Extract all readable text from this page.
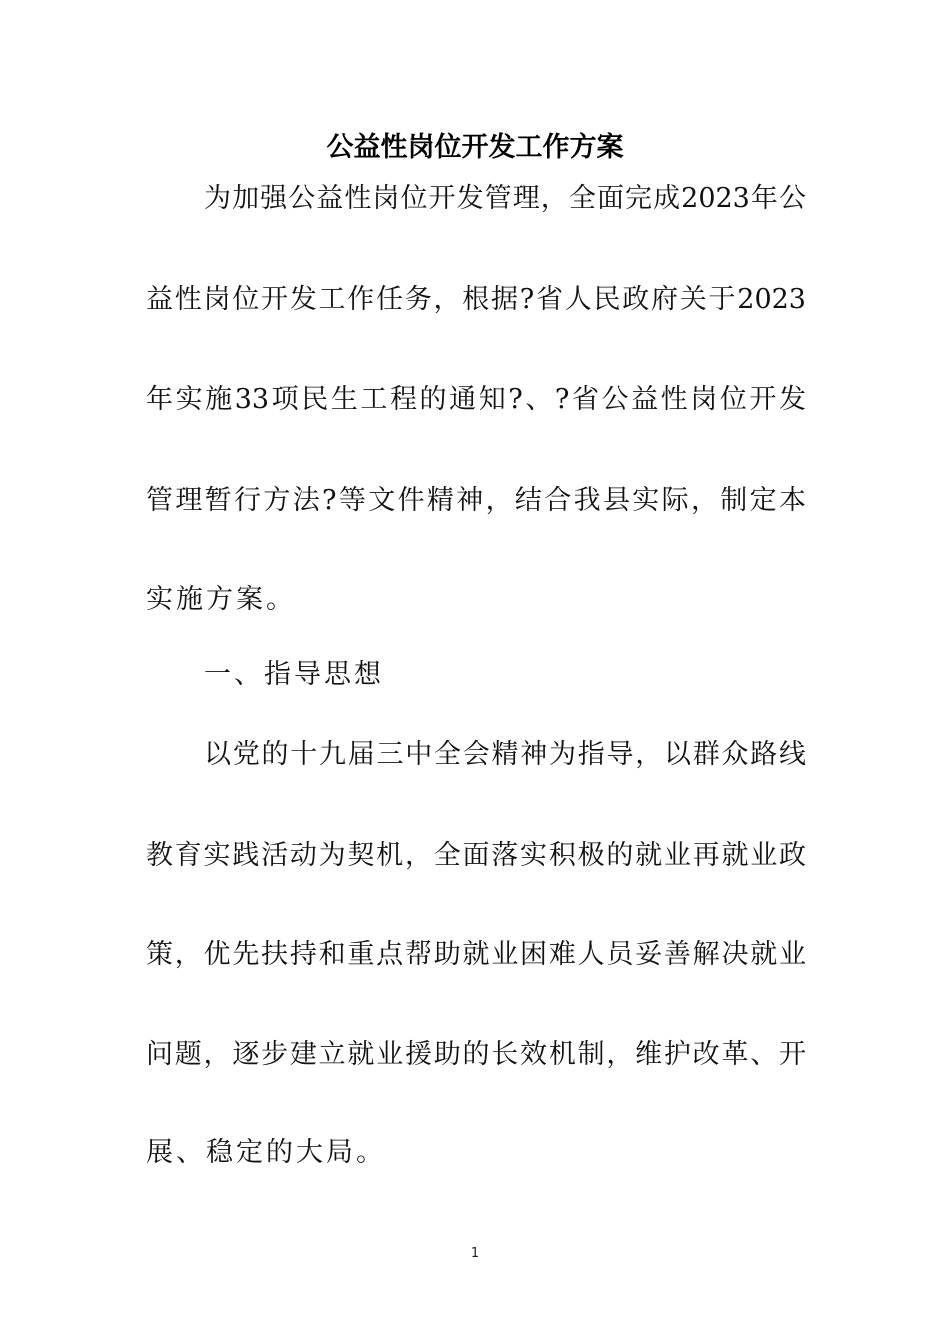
公益性岗位开发工作方案
为加强公益性岗位开发管理，全面完成2023年公
益性岗位开发工作任务，根据?省人民政府关于2023
年实施33项民生工程的通知?、?省公益性岗位开发
管理暂行方法?等文件精神，结合我县实际，制定本
实施方案。
一、指导思想
以党的十九届三中全会精神为指导，以群众路线
教育实践活动为契机，全面落实积极的就业再就业政
策，优先扶持和重点帮助就业困难人员妥善解决就业
问题，逐步建立就业援助的长效机制，维护改革、开
展、稳定的大局。
1
